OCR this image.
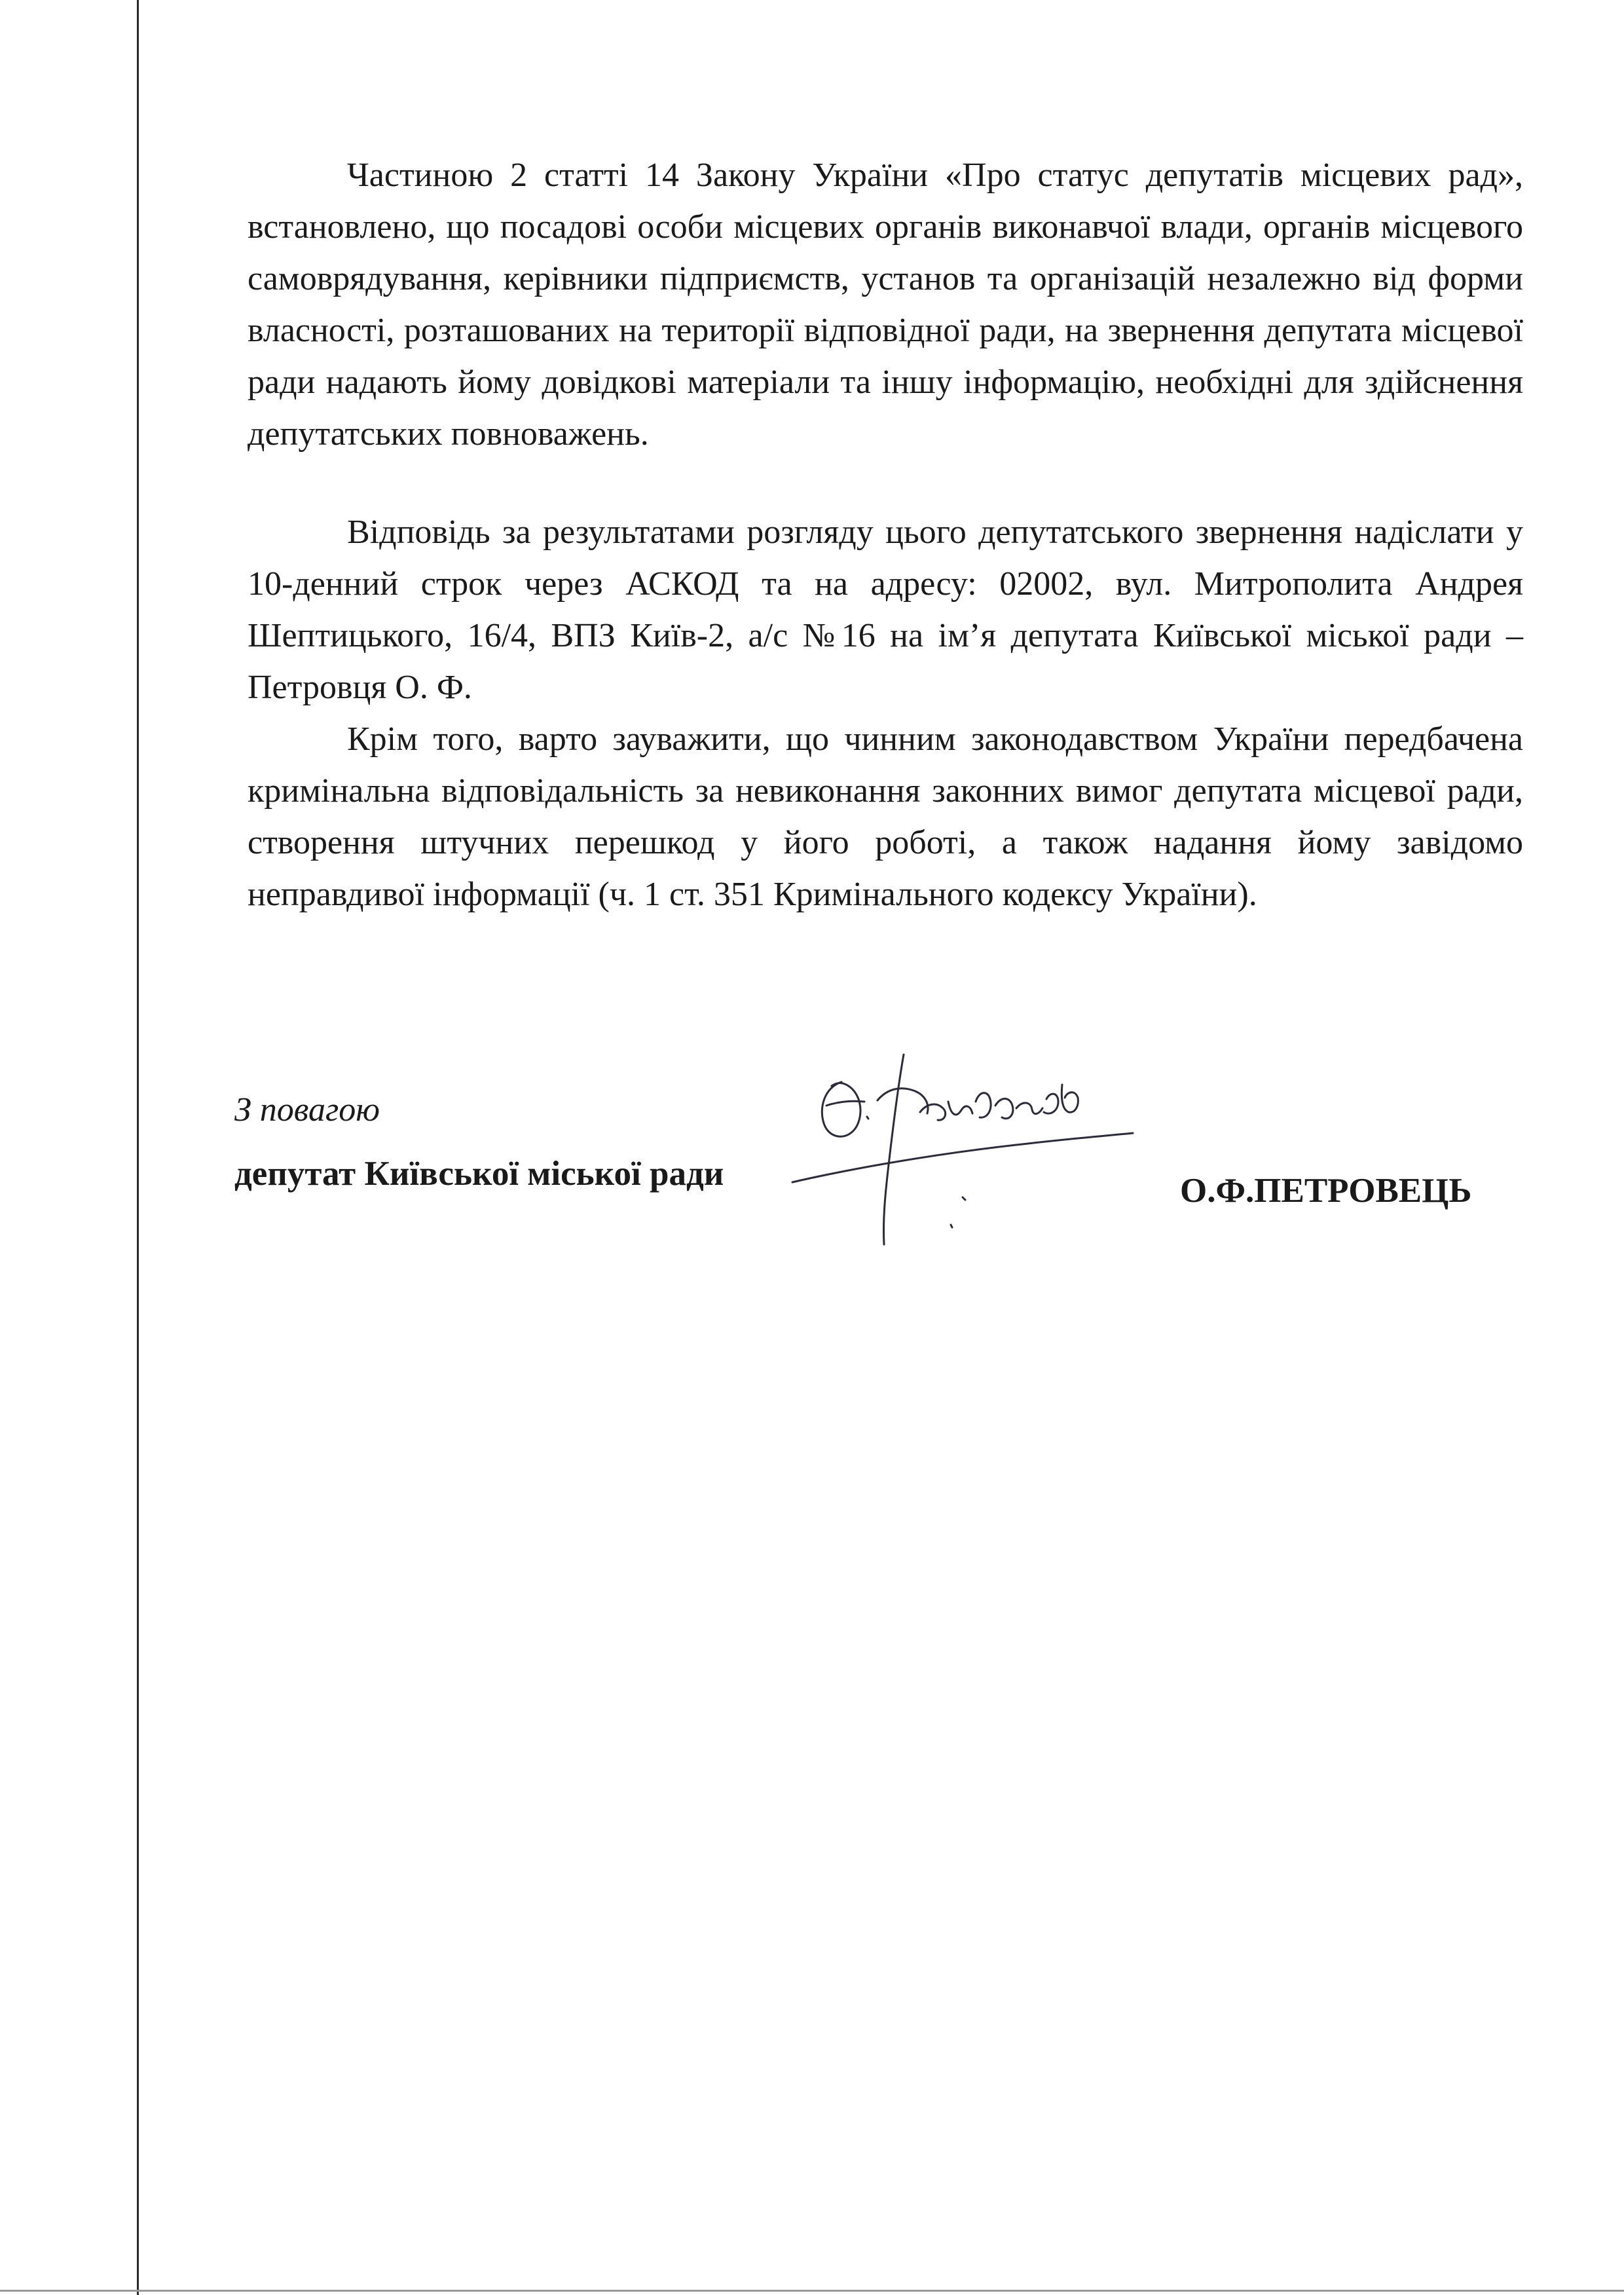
Частиною 2 статті 14 Закону України «Про статус депутатів місцевих рад», встановлено, що посадові особи місцевих органів виконавчої влади, органів місцевого самоврядування, керівники підприємств, установ та організацій незалежно від форми власності, розташованих на території відповідної ради, на звернення депутата місцевої ради надають йому довідкові матеріали та іншу інформацію, необхідні для здійснення депутатських повноважень.

Відповідь за результатами розгляду цього депутатського звернення надіслати у 10-денний строк через АСКОД та на адресу: 02002, вул. Митрополита Андрея Шептицького, 16/4, ВПЗ Київ-2, а/с №16 на ім’я депутата Київської міської ради – Петровця О. Ф.

Крім того, варто зауважити, що чинним законодавством України передбачена кримінальна відповідальність за невиконання законних вимог депутата місцевої ради, створення штучних перешкод у його роботі, а також надання йому завідомо неправдивої інформації (ч. 1 ст. 351 Кримінального кодексу України).

З повагою
депутат Київської міської ради	О.Ф.ПЕТРОВЕЦЬ
